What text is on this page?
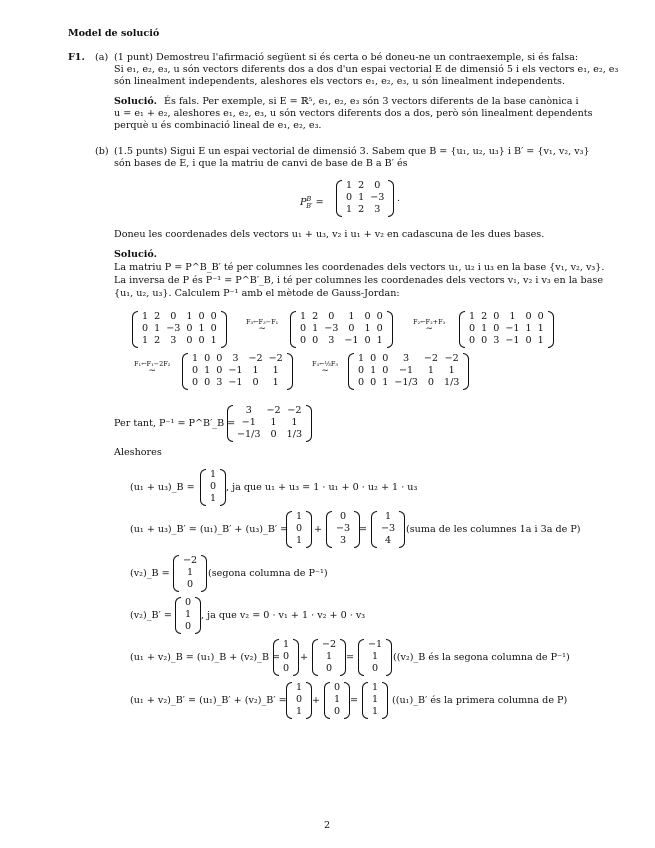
Model de solució
F1. (a) (1 punt) Demostreu l'afirmació següent si és certa o bé doneu-ne un contraexemple, si és falsa:
Si e₁, e₂, e₃, u són vectors diferents dos a dos d'un espai vectorial E de dimensió 5 i els vectors e₁, e₂, e₃
són linealment independents, aleshores els vectors e₁, e₂, e₃, u són linealment independents.
Solució. És fals. Per exemple, si E = ℝ⁵, e₁, e₂, e₃ són 3 vectors diferents de la base canònica i
u = e₁ + e₂, aleshores e₁, e₂, e₃, u són vectors diferents dos a dos, però són linealment dependents
perquè u és combinació lineal de e₁, e₂, e₃.
(b) (1.5 punts) Sigui E un espai vectorial de dimensió 3. Sabem que B = {u₁, u₂, u₃} i B′ = {v₁, v₂, v₃}
són bases de E, i que la matriu de canvi de base de B a B′ és
$P^B_{B'}$ =
1	2	0
0	1	−3
1	2	3
.
Doneu les coordenades dels vectors u₁ + u₃, v₂ i u₁ + v₂ en cadascuna de les dues bases.
Solució.
La matriu P = P^B_B′ té per columnes les coordenades dels vectors u₁, u₂ i u₃ en la base {v₁, v₂, v₃}.
La inversa de P és P⁻¹ = P^B′_B, i té per columnes les coordenades dels vectors v₁, v₂ i v₃ en la base
{u₁, u₂, u₃}. Calculem P⁻¹ amb el mètode de Gauss-Jordan:
1	2	0	1	0	0
0	1	−3	0	1	0
1	2	3	0	0	1
F₃←F₃−F₁
∼
1	2	0	1	0	0
0	1	−3	0	1	0
0	0	3	−1	0	1
F₂←F₂+F₃
∼
1	2	0	1	0	0
0	1	0	−1	1	1
0	0	3	−1	0	1
F₁←F₁−2F₂
∼
1	0	0	3	−2	−2
0	1	0	−1	1	1
0	0	3	−1	0	1
F₃←⅓F₃
∼
1	0	0	3	−2	−2
0	1	0	−1	1	1
0	0	1	−1/3	0	1/3
Per tant, P⁻¹ = P^B′_B =
3	−2	−2
−1	1	1
−1/3	0	1/3
Aleshores
(u₁ + u₃)_B =
1
0
1
, ja que u₁ + u₃ = 1 · u₁ + 0 · u₂ + 1 · u₃
(u₁ + u₃)_B′ = (u₁)_B′ + (u₃)_B′ =
1
0
1
+
0
−3
3
=
1
−3
4
(suma de les columnes 1a i 3a de P)
(v₂)_B =
−2
1
0
(segona columna de P⁻¹)
(v₂)_B′ =
0
1
0
, ja que v₂ = 0 · v₁ + 1 · v₂ + 0 · v₃
(u₁ + v₂)_B = (u₁)_B + (v₂)_B =
1
0
0
+
−2
1
0
=
−1
1
0
((v₂)_B és la segona columna de P⁻¹)
(u₁ + v₂)_B′ = (u₁)_B′ + (v₂)_B′ =
1
0
1
+
0
1
0
=
1
1
1
((u₁)_B′ és la primera columna de P)
2
